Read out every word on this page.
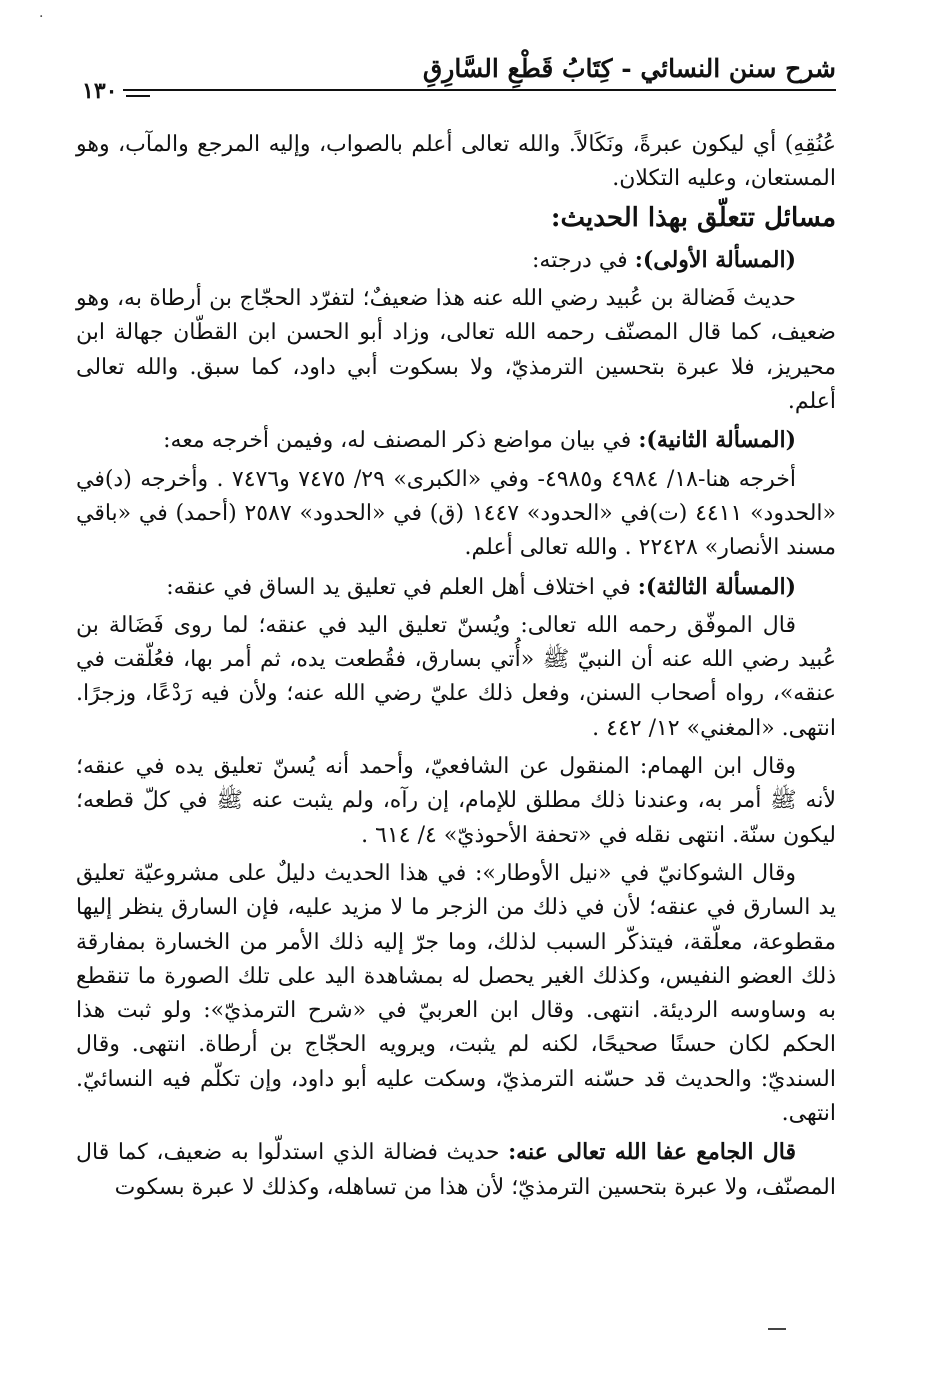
·
شرح سنن النسائي - كِتَابُ قَطْعِ السَّارِقِ
١٣٠

عُنُقِهِ) أي ليكون عبرةً، ونَكَالاً. والله تعالى أعلم بالصواب، وإليه المرجع والمآب، وهو المستعان، وعليه التكلان.

مسائل تتعلّق بهذا الحديث:

(المسألة الأولى): في درجته:

حديث فَضالة بن عُبيد رضي الله عنه هذا ضعيفٌ؛ لتفرّد الحجّاج بن أرطاة به، وهو ضعيف، كما قال المصنّف رحمه الله تعالى، وزاد أبو الحسن ابن القطّان جهالة ابن محيريز، فلا عبرة بتحسين الترمذيّ، ولا بسكوت أبي داود، كما سبق. والله تعالى أعلم.

(المسألة الثانية): في بيان مواضع ذكر المصنف له، وفيمن أخرجه معه:

أخرجه هنا-١٨/ ٤٩٨٤ و٤٩٨٥- وفي «الكبرى» ٢٩/ ٧٤٧٥ و٧٤٧٦ . وأخرجه (د)في «الحدود» ٤٤١١ (ت)في «الحدود» ١٤٤٧ (ق) في «الحدود» ٢٥٨٧ (أحمد) في «باقي مسند الأنصار» ٢٢٤٢٨ . والله تعالى أعلم.

(المسألة الثالثة): في اختلاف أهل العلم في تعليق يد الساق في عنقه:

قال الموفّق رحمه الله تعالى: ويُسنّ تعليق اليد في عنقه؛ لما روى فَضَالة بن عُبيد رضي الله عنه أن النبيّ ﷺ «أُتي بسارق، فقُطعت يده، ثم أمر بها، فعُلّقت في عنقه»، رواه أصحاب السنن، وفعل ذلك عليّ رضي الله عنه؛ ولأن فيه رَدْعًا، وزجرًا. انتهى. «المغني» ١٢/ ٤٤٢ .

وقال ابن الهمام: المنقول عن الشافعيّ، وأحمد أنه يُسنّ تعليق يده في عنقه؛ لأنه ﷺ أمر به، وعندنا ذلك مطلق للإمام، إن رآه، ولم يثبت عنه ﷺ في كلّ قطعه؛ ليكون سنّة. انتهى نقله في «تحفة الأحوذيّ» ٤/ ٦١٤ .

وقال الشوكانيّ في «نيل الأوطار»: في هذا الحديث دليلٌ على مشروعيّة تعليق يد السارق في عنقه؛ لأن في ذلك من الزجر ما لا مزيد عليه، فإن السارق ينظر إليها مقطوعة، معلّقة، فيتذكّر السبب لذلك، وما جرّ إليه ذلك الأمر من الخسارة بمفارقة ذلك العضو النفيس، وكذلك الغير يحصل له بمشاهدة اليد على تلك الصورة ما تنقطع به وساوسه الرديئة. انتهى. وقال ابن العربيّ في «شرح الترمذيّ»: ولو ثبت هذا الحكم لكان حسنًا صحيحًا، لكنه لم يثبت، ويرويه الحجّاج بن أرطاة. انتهى. وقال السنديّ: والحديث قد حسّنه الترمذيّ، وسكت عليه أبو داود، وإن تكلّم فيه النسائيّ. انتهى.

قال الجامع عفا الله تعالى عنه: حديث فضالة الذي استدلّوا به ضعيف، كما قال المصنّف، ولا عبرة بتحسين الترمذيّ؛ لأن هذا من تساهله، وكذلك لا عبرة بسكوت
